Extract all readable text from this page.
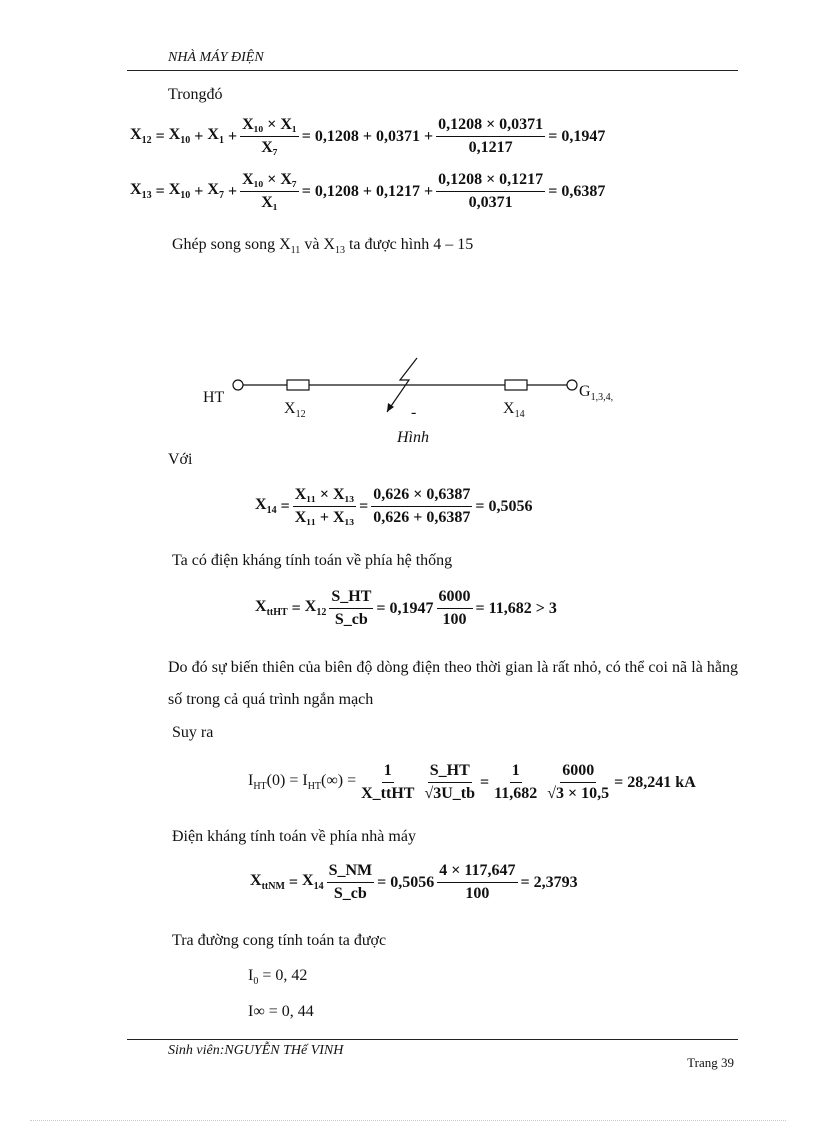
NHÀ MÁY ĐIỆN
Trongđó
$X_{12} = X_{10} + X_1 + \frac{\text{X₁₀ × X₁}}{\text{X₇}} = 0,1208 + 0,0371 + \frac{0,1208 \times 0,0371}{0,1217} = 0,1947$
$X_{13} = X_{10} + X_7 + \frac{\text{X₁₀ × X₇}}{\text{X₁}} = 0,1208 + 0,1217 + \frac{0,1208 \times 0,1217}{0,0371} = 0,6387$
Ghép song song $X_{11}$ và $X_{13}$ ta được hình 4 – 15
HT	$G_{1,3,4,}$
$X_{12}$	$X_{14}$
-
Hình
Với
$X_{14} = \frac{\text{X₁₁ × X₁₃}}{\text{X₁₁ + X₁₃}} = \frac{0,626 \times 0,6387}{0,626 + 0,6387} = 0,5056$
Ta có điện kháng tính toán về phía hệ thống
$X_{ttHT} = X_{12} \frac{S\_HT}{S\_cb} = 0,1947 \frac{6000}{100} = 11,682 > 3$
Do đó sự biến thiên của biên độ dòng điện theo thời gian là rất nhỏ, có thể coi nã là hằng số trong cả quá trình ngắn mạch
Suy ra
$I_{HT}(0) = I_{HT}(\infty) = \frac{1}{\text{X\_ttHT}} \frac{S\_HT}{√3U\_tb} = \frac{1}{11,682} \frac{6000}{√3 \times 10,5} = 28,241$ kA
Điện kháng tính toán về phía nhà máy
$X_{ttNM} = X_{14} \frac{S\_NM}{S\_cb} = 0,5056 \frac{4 \times 117,647}{100} = 2,3793$
Tra đường cong tính toán ta được
$I_0 = 0$, 42
I∞ = 0, 44
Sinh viên:NGUYỄN THế VINH
Trang 39
